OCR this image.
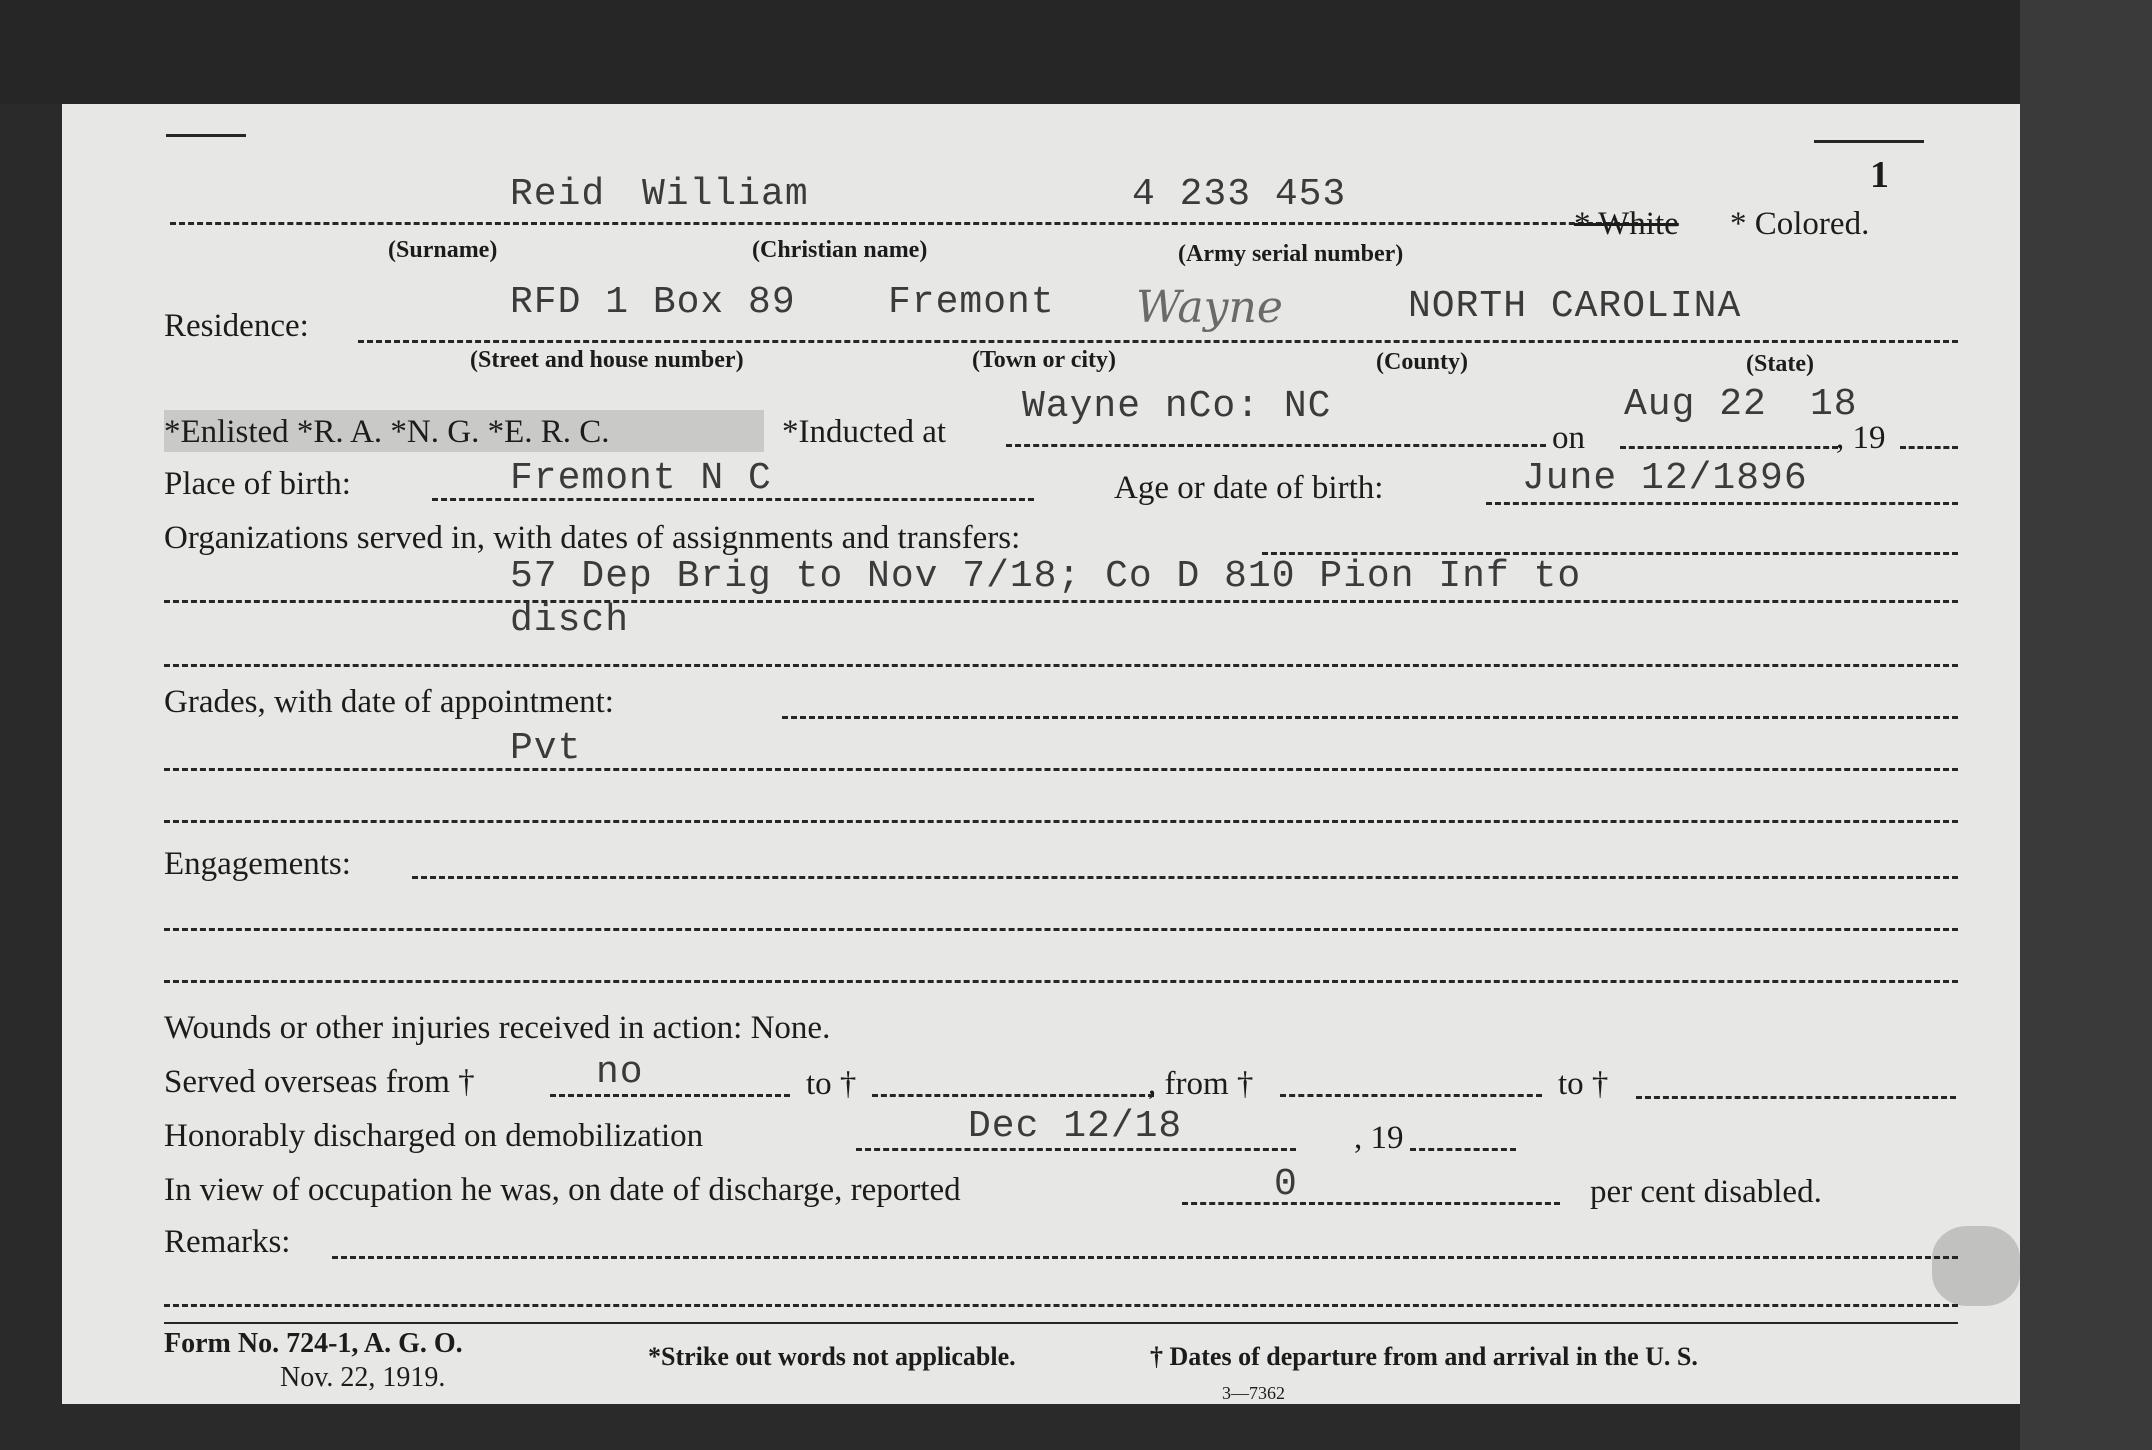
1
Reid William	4 233 453
* White * Colored.
(Surname)	(Christian name)	(Army serial number)
Residence:
RFD 1 Box 89 Fremont Wayne	NORTH CAROLINA
(Street and house number)	(Town or city)	(County)	(State)
*Enlisted *R. A. *N. G. *E. R. C.	*Inducted at
Wayne nCo: NC
on
Aug 22 18
, 19
Place of birth:	Fremont N C	Age or date of birth:	June 12/1896
Organizations served in, with dates of assignments and transfers:
57 Dep Brig to Nov 7/18; Co D 810 Pion Inf to
disch
Grades, with date of appointment:
Pvt
Engagements:
Wounds or other injuries received in action: None.
Served overseas from †	no	to †	, from †	to †
Honorably discharged on demobilization	Dec 12/18	, 19
In view of occupation he was, on date of discharge, reported	0	per cent disabled.
Remarks:
Form No. 724-1, A. G. O.
Nov. 22, 1919.
*Strike out words not applicable.	† Dates of departure from and arrival in the U. S.
3—7362
